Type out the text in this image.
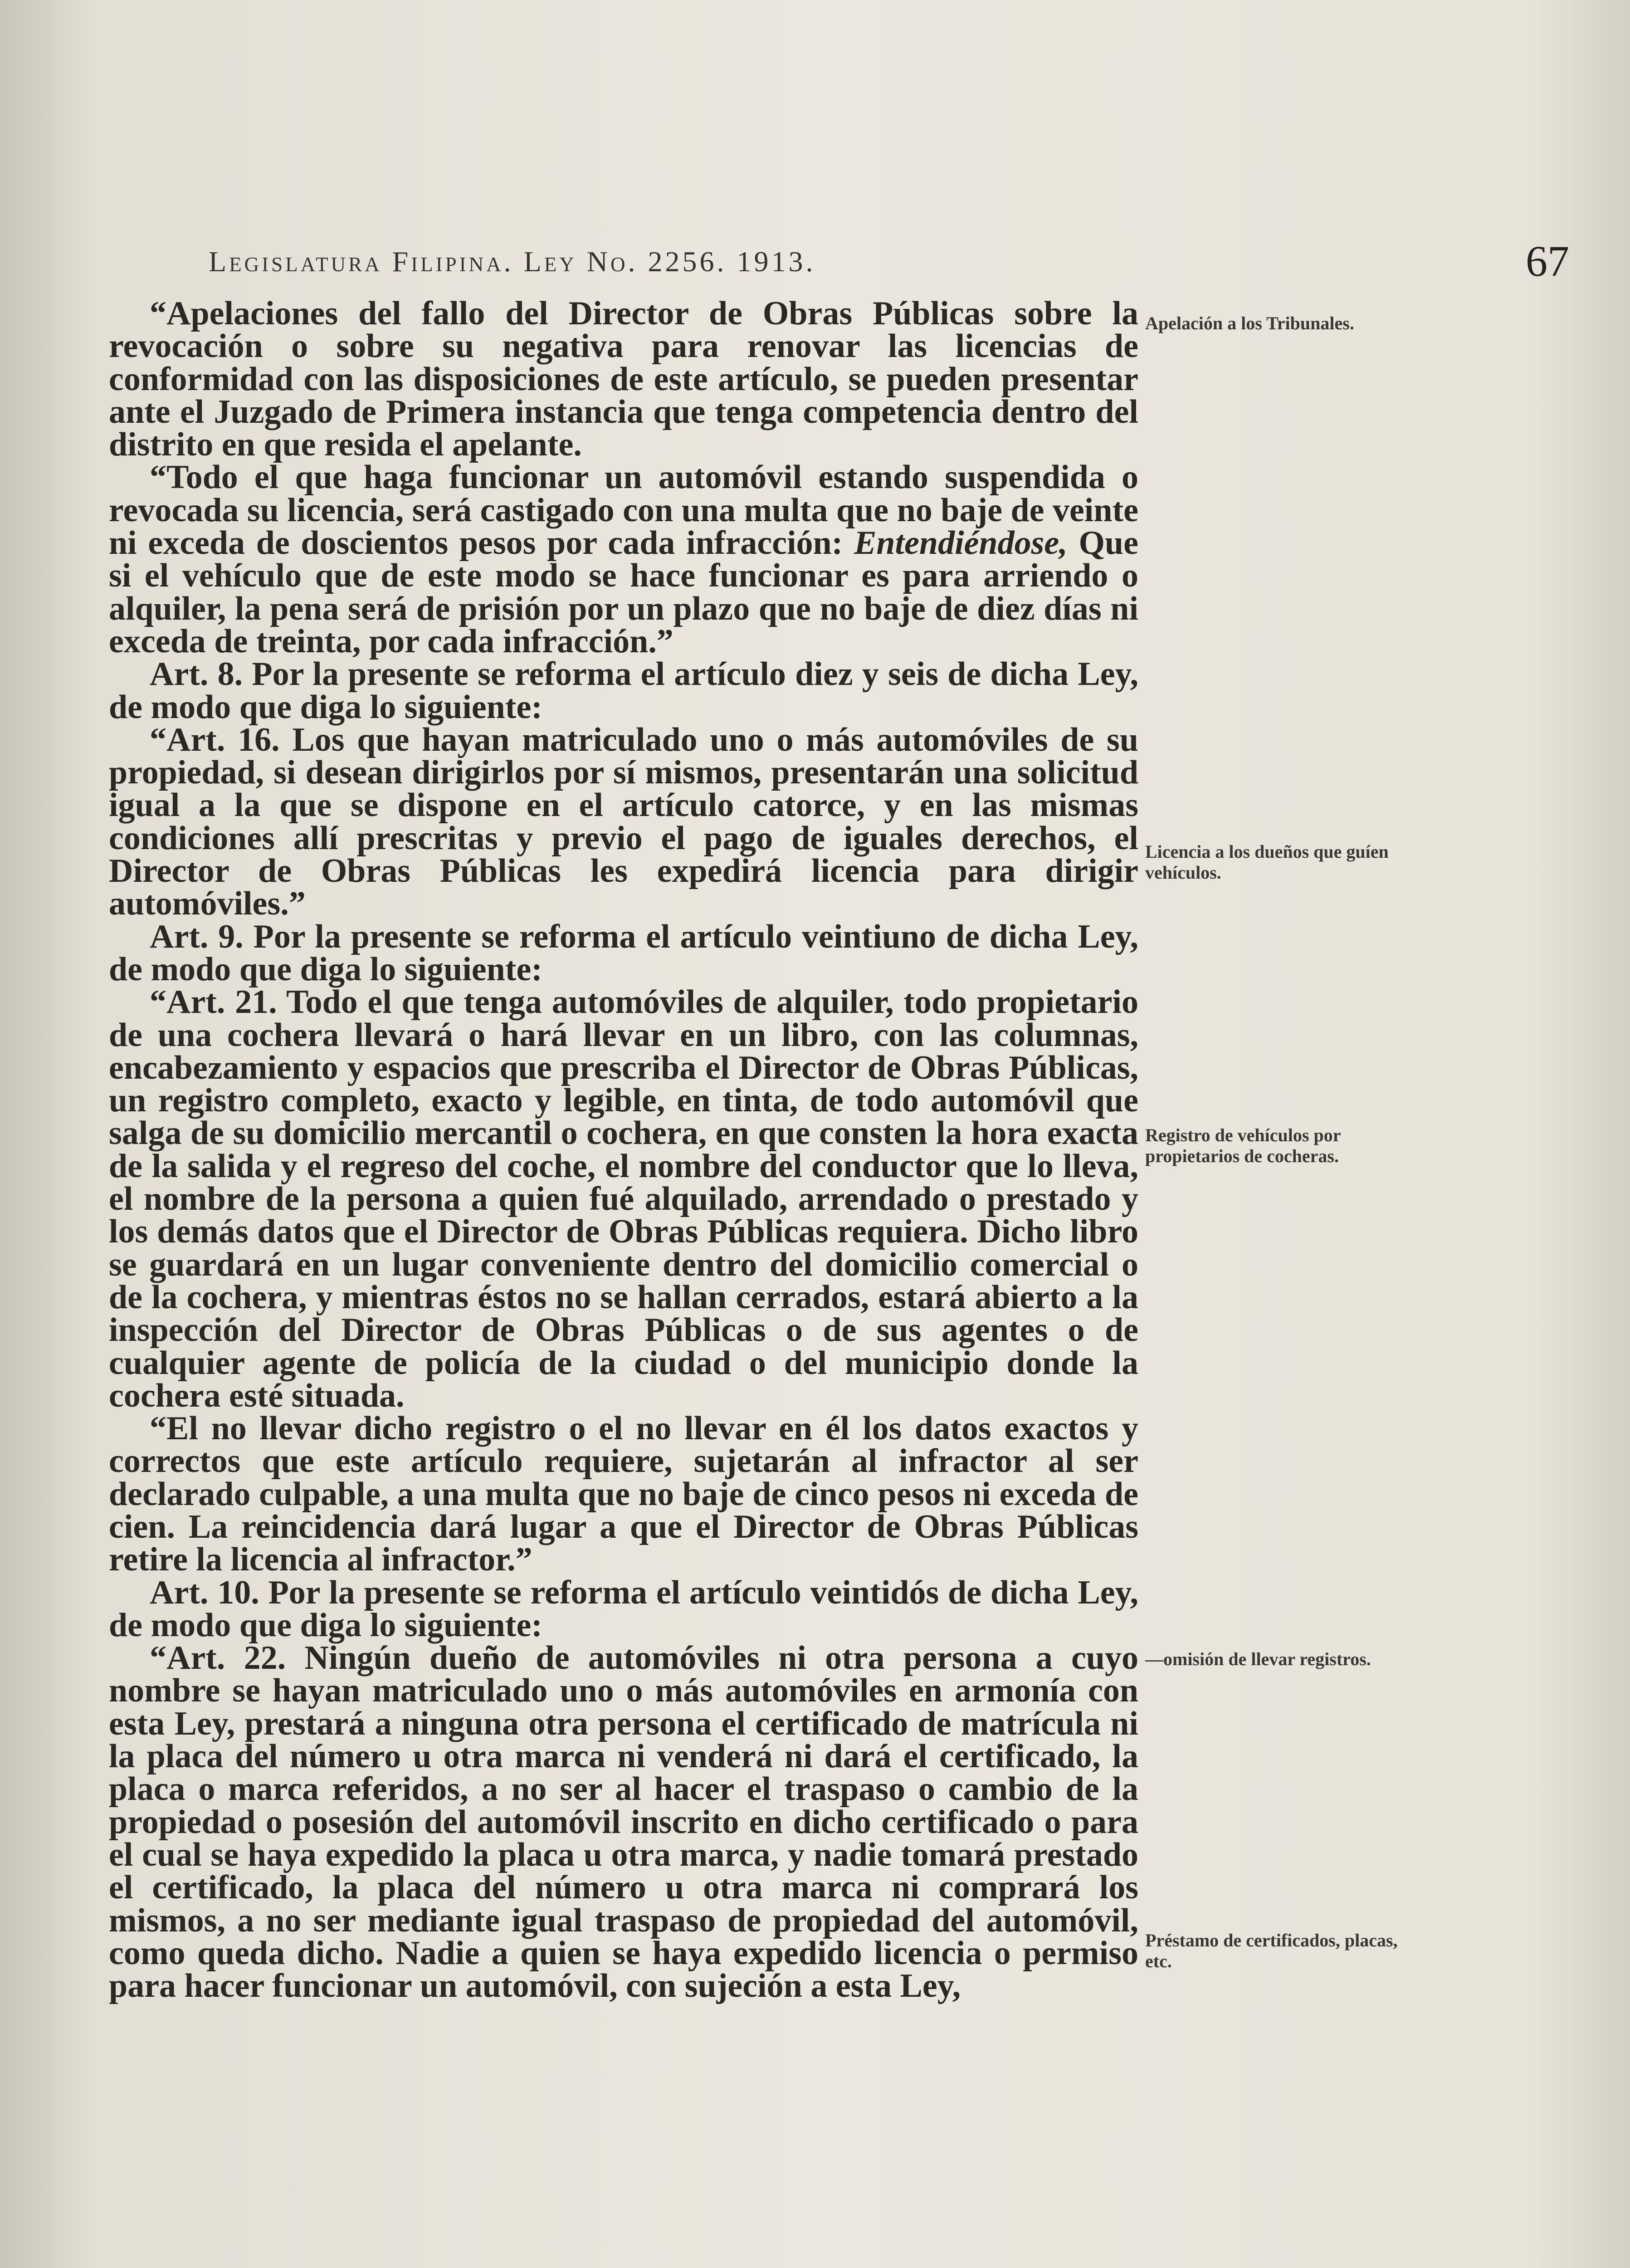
Legislatura Filipina. Ley No. 2256. 1913.	67

“Apelaciones del fallo del Director de Obras Públicas sobre la revocación o sobre su negativa para renovar las licencias de conformidad con las disposiciones de este artículo, se pueden presentar ante el Juzgado de Primera instancia que tenga competencia dentro del distrito en que resida el apelante.

“Todo el que haga funcionar un automóvil estando suspendida o revocada su licencia, será castigado con una multa que no baje de veinte ni exceda de doscientos pesos por cada infracción: Entendiéndose, Que si el vehículo que de este modo se hace funcionar es para arriendo o alquiler, la pena será de prisión por un plazo que no baje de diez días ni exceda de treinta, por cada infracción.”

Art. 8. Por la presente se reforma el artículo diez y seis de dicha Ley, de modo que diga lo siguiente:

“Art. 16. Los que hayan matriculado uno o más automóviles de su propiedad, si desean dirigirlos por sí mismos, presentarán una solicitud igual a la que se dispone en el artículo catorce, y en las mismas condiciones allí prescritas y previo el pago de iguales derechos, el Director de Obras Públicas les expedirá licencia para dirigir automóviles.”

Art. 9. Por la presente se reforma el artículo veintiuno de dicha Ley, de modo que diga lo siguiente:

“Art. 21. Todo el que tenga automóviles de alquiler, todo propietario de una cochera llevará o hará llevar en un libro, con las columnas, encabezamiento y espacios que prescriba el Director de Obras Públicas, un registro completo, exacto y legible, en tinta, de todo automóvil que salga de su domicilio mercantil o cochera, en que consten la hora exacta de la salida y el regreso del coche, el nombre del conductor que lo lleva, el nombre de la persona a quien fué alquilado, arrendado o prestado y los demás datos que el Director de Obras Públicas requiera. Dicho libro se guardará en un lugar conveniente dentro del domicilio comercial o de la cochera, y mientras éstos no se hallan cerrados, estará abierto a la inspección del Director de Obras Públicas o de sus agentes o de cualquier agente de policía de la ciudad o del municipio donde la cochera esté situada.

“El no llevar dicho registro o el no llevar en él los datos exactos y correctos que este artículo requiere, sujetarán al infractor al ser declarado culpable, a una multa que no baje de cinco pesos ni exceda de cien. La reincidencia dará lugar a que el Director de Obras Públicas retire la licencia al infractor.”

Art. 10. Por la presente se reforma el artículo veintidós de dicha Ley, de modo que diga lo siguiente:

“Art. 22. Ningún dueño de automóviles ni otra persona a cuyo nombre se hayan matriculado uno o más automóviles en armonía con esta Ley, prestará a ninguna otra persona el certificado de matrícula ni la placa del número u otra marca ni venderá ni dará el certificado, la placa o marca referidos, a no ser al hacer el traspaso o cambio de la propiedad o posesión del automóvil inscrito en dicho certificado o para el cual se haya expedido la placa u otra marca, y nadie tomará prestado el certificado, la placa del número u otra marca ni comprará los mismos, a no ser mediante igual traspaso de propiedad del automóvil, como queda dicho. Nadie a quien se haya expedido licencia o permiso para hacer funcionar un automóvil, con sujeción a esta Ley,

Apelación a los Tribunales.
Licencia a los dueños que guíen vehículos.
Registro de vehículos por propietarios de cocheras.
—omisión de llevar registros.
Préstamo de certificados, placas, etc.
